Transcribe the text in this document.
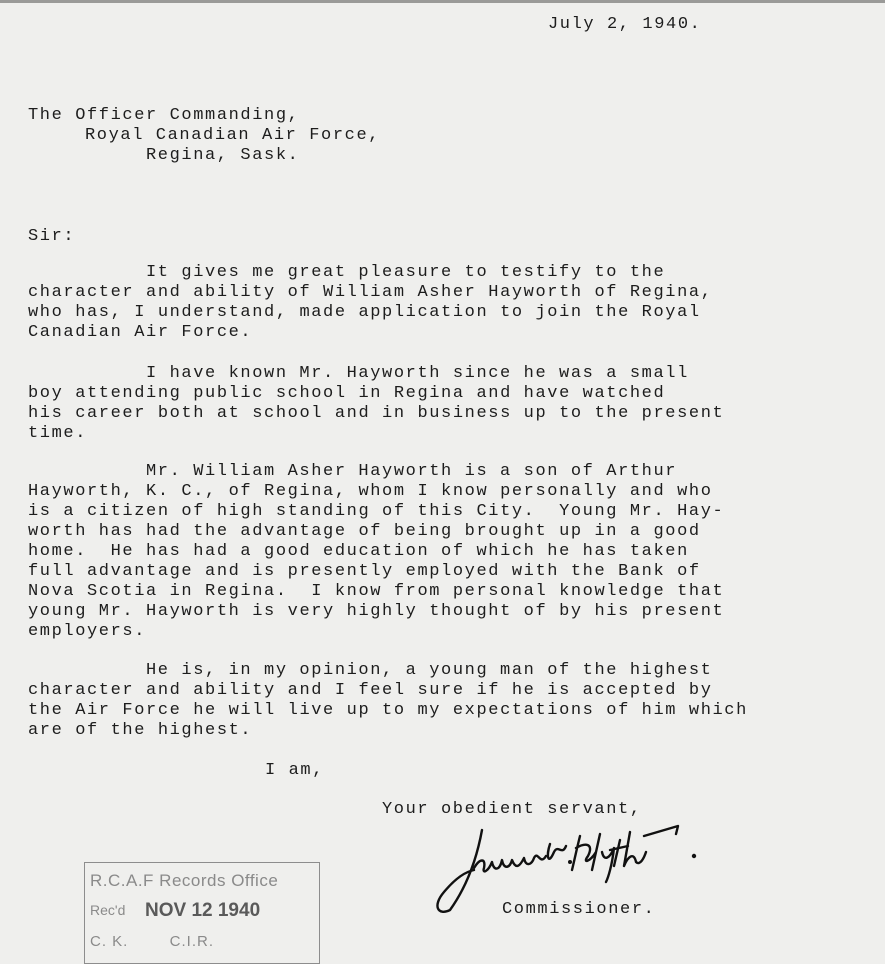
July 2, 1940.
The Officer Commanding,
Royal Canadian Air Force,
Regina, Sask.
Sir:
It gives me great pleasure to testify to the
character and ability of William Asher Hayworth of Regina,
who has, I understand, made application to join the Royal
Canadian Air Force.
I have known Mr. Hayworth since he was a small
boy attending public school in Regina and have watched
his career both at school and in business up to the present
time.
Mr. William Asher Hayworth is a son of Arthur
Hayworth, K. C., of Regina, whom I know personally and who
is a citizen of high standing of this City.  Young Mr. Hay-
worth has had the advantage of being brought up in a good
home.  He has had a good education of which he has taken
full advantage and is presently employed with the Bank of
Nova Scotia in Regina.  I know from personal knowledge that
young Mr. Hayworth is very highly thought of by his present
employers.
He is, in my opinion, a young man of the highest
character and ability and I feel sure if he is accepted by
the Air Force he will live up to my expectations of him which
are of the highest.
I am,
Your obedient servant,
Commissioner.
R.C.A.F Records Office
Rec'd NOV 12 1940
C. K.        C.I.R.
